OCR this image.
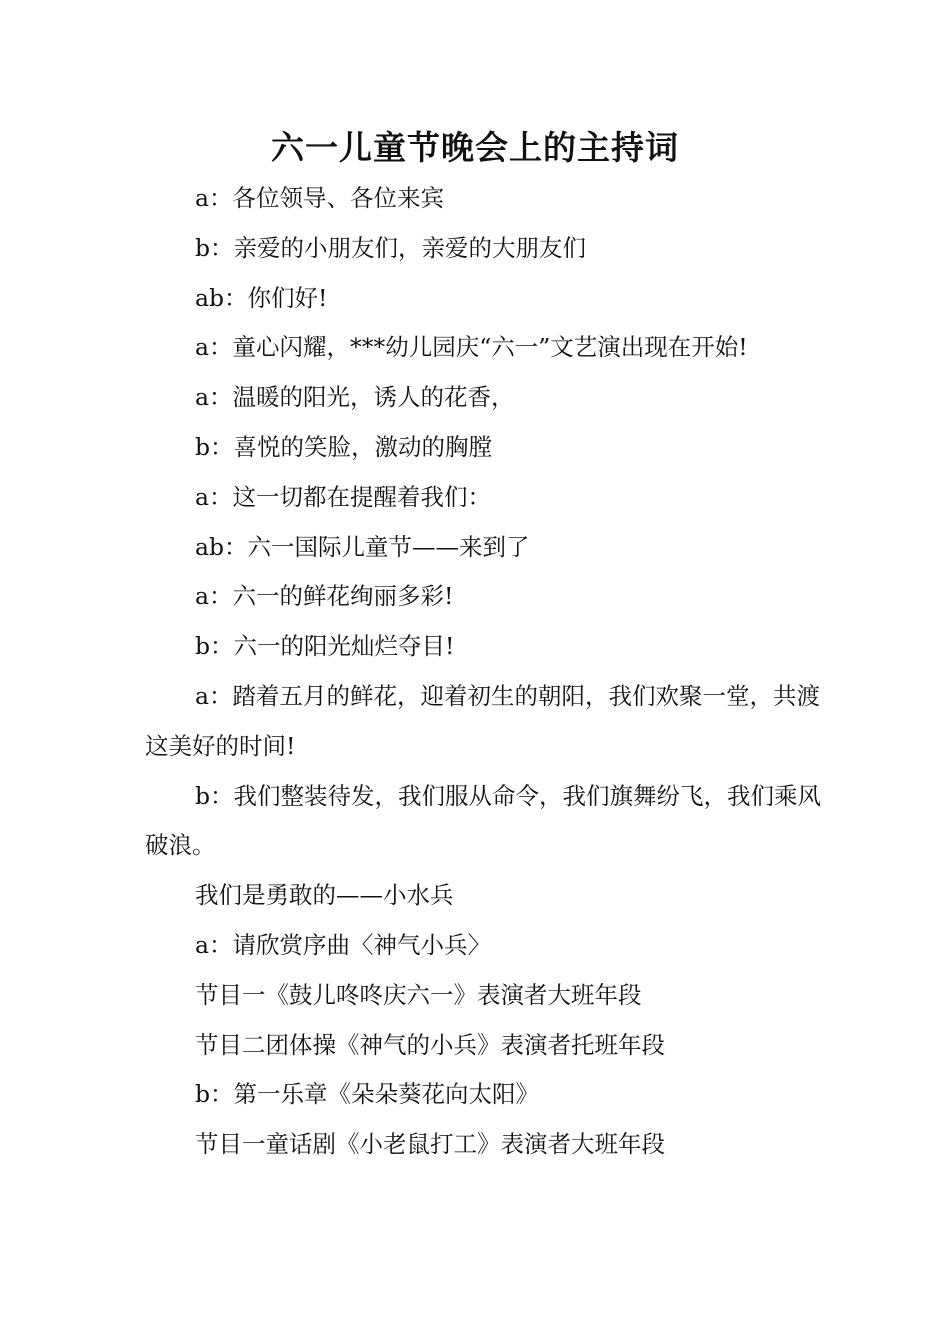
六一儿童节晚会上的主持词

a：各位领导、各位来宾

b：亲爱的小朋友们，亲爱的大朋友们

ab：你们好!

a：童心闪耀，***幼儿园庆“六一”文艺演出现在开始!

a：温暖的阳光，诱人的花香，

b：喜悦的笑脸，激动的胸膛

a：这一切都在提醒着我们：

ab：六一国际儿童节——来到了

a：六一的鲜花绚丽多彩!

b：六一的阳光灿烂夺目!

a：踏着五月的鲜花，迎着初生的朝阳，我们欢聚一堂，共渡这美好的时间!

b：我们整装待发，我们服从命令，我们旗舞纷飞，我们乘风破浪。

我们是勇敢的——小水兵

a：请欣赏序曲〈神气小兵〉

节目一《鼓儿咚咚庆六一》表演者大班年段

节目二团体操《神气的小兵》表演者托班年段

b：第一乐章《朵朵葵花向太阳》

节目一童话剧《小老鼠打工》表演者大班年段
